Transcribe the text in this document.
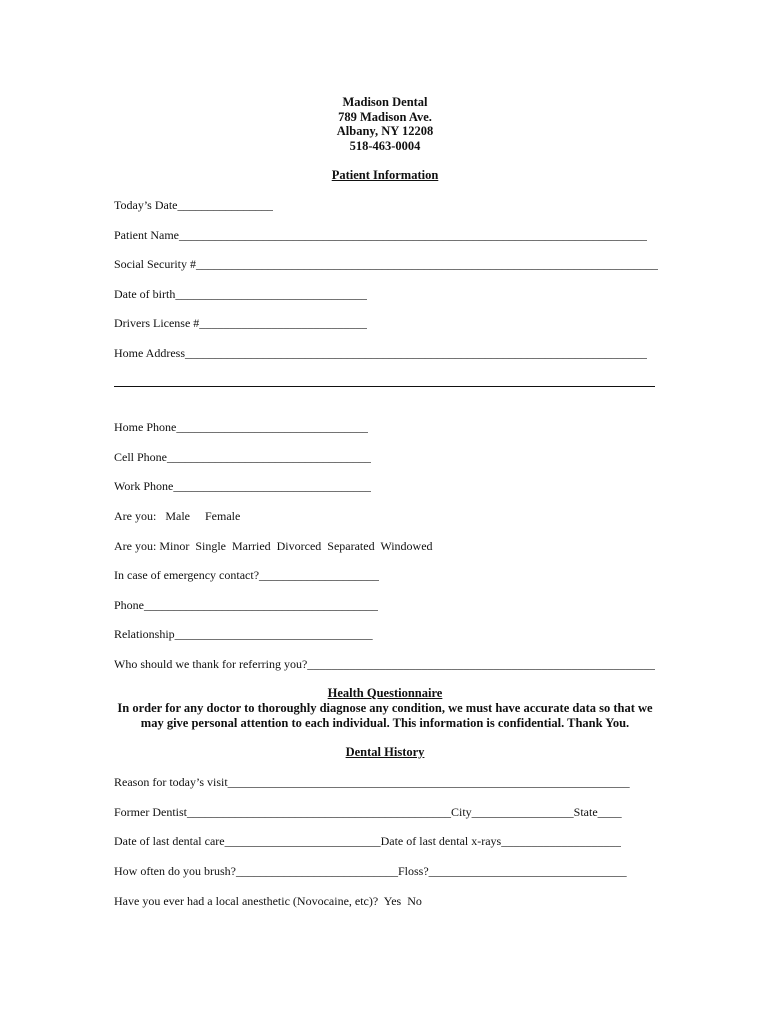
Madison Dental
789 Madison Ave.
Albany, NY 12208
518-463-0004
Patient Information
Today’s Date________________
Patient Name______________________________________________________________________________
Social Security #_____________________________________________________________________________
Date of birth________________________________
Drivers License #____________________________
Home Address_____________________________________________________________________________
Home Phone________________________________
Cell Phone__________________________________
Work Phone_________________________________
Are you:   Male     Female
Are you: Minor  Single  Married  Divorced  Separated  Windowed
In case of emergency contact?____________________
Phone_______________________________________
Relationship_________________________________
Who should we thank for referring you?__________________________________________________________
Health Questionnaire
In order for any doctor to thoroughly diagnose any condition, we must have accurate data so that we may give personal attention to each individual. This information is confidential. Thank You.
Dental History
Reason for today’s visit___________________________________________________________________
Former Dentist____________________________________________City_________________State____
Date of last dental care__________________________Date of last dental x-rays____________________
How often do you brush?___________________________Floss?_________________________________
Have you ever had a local anesthetic (Novocaine, etc)?  Yes  No
